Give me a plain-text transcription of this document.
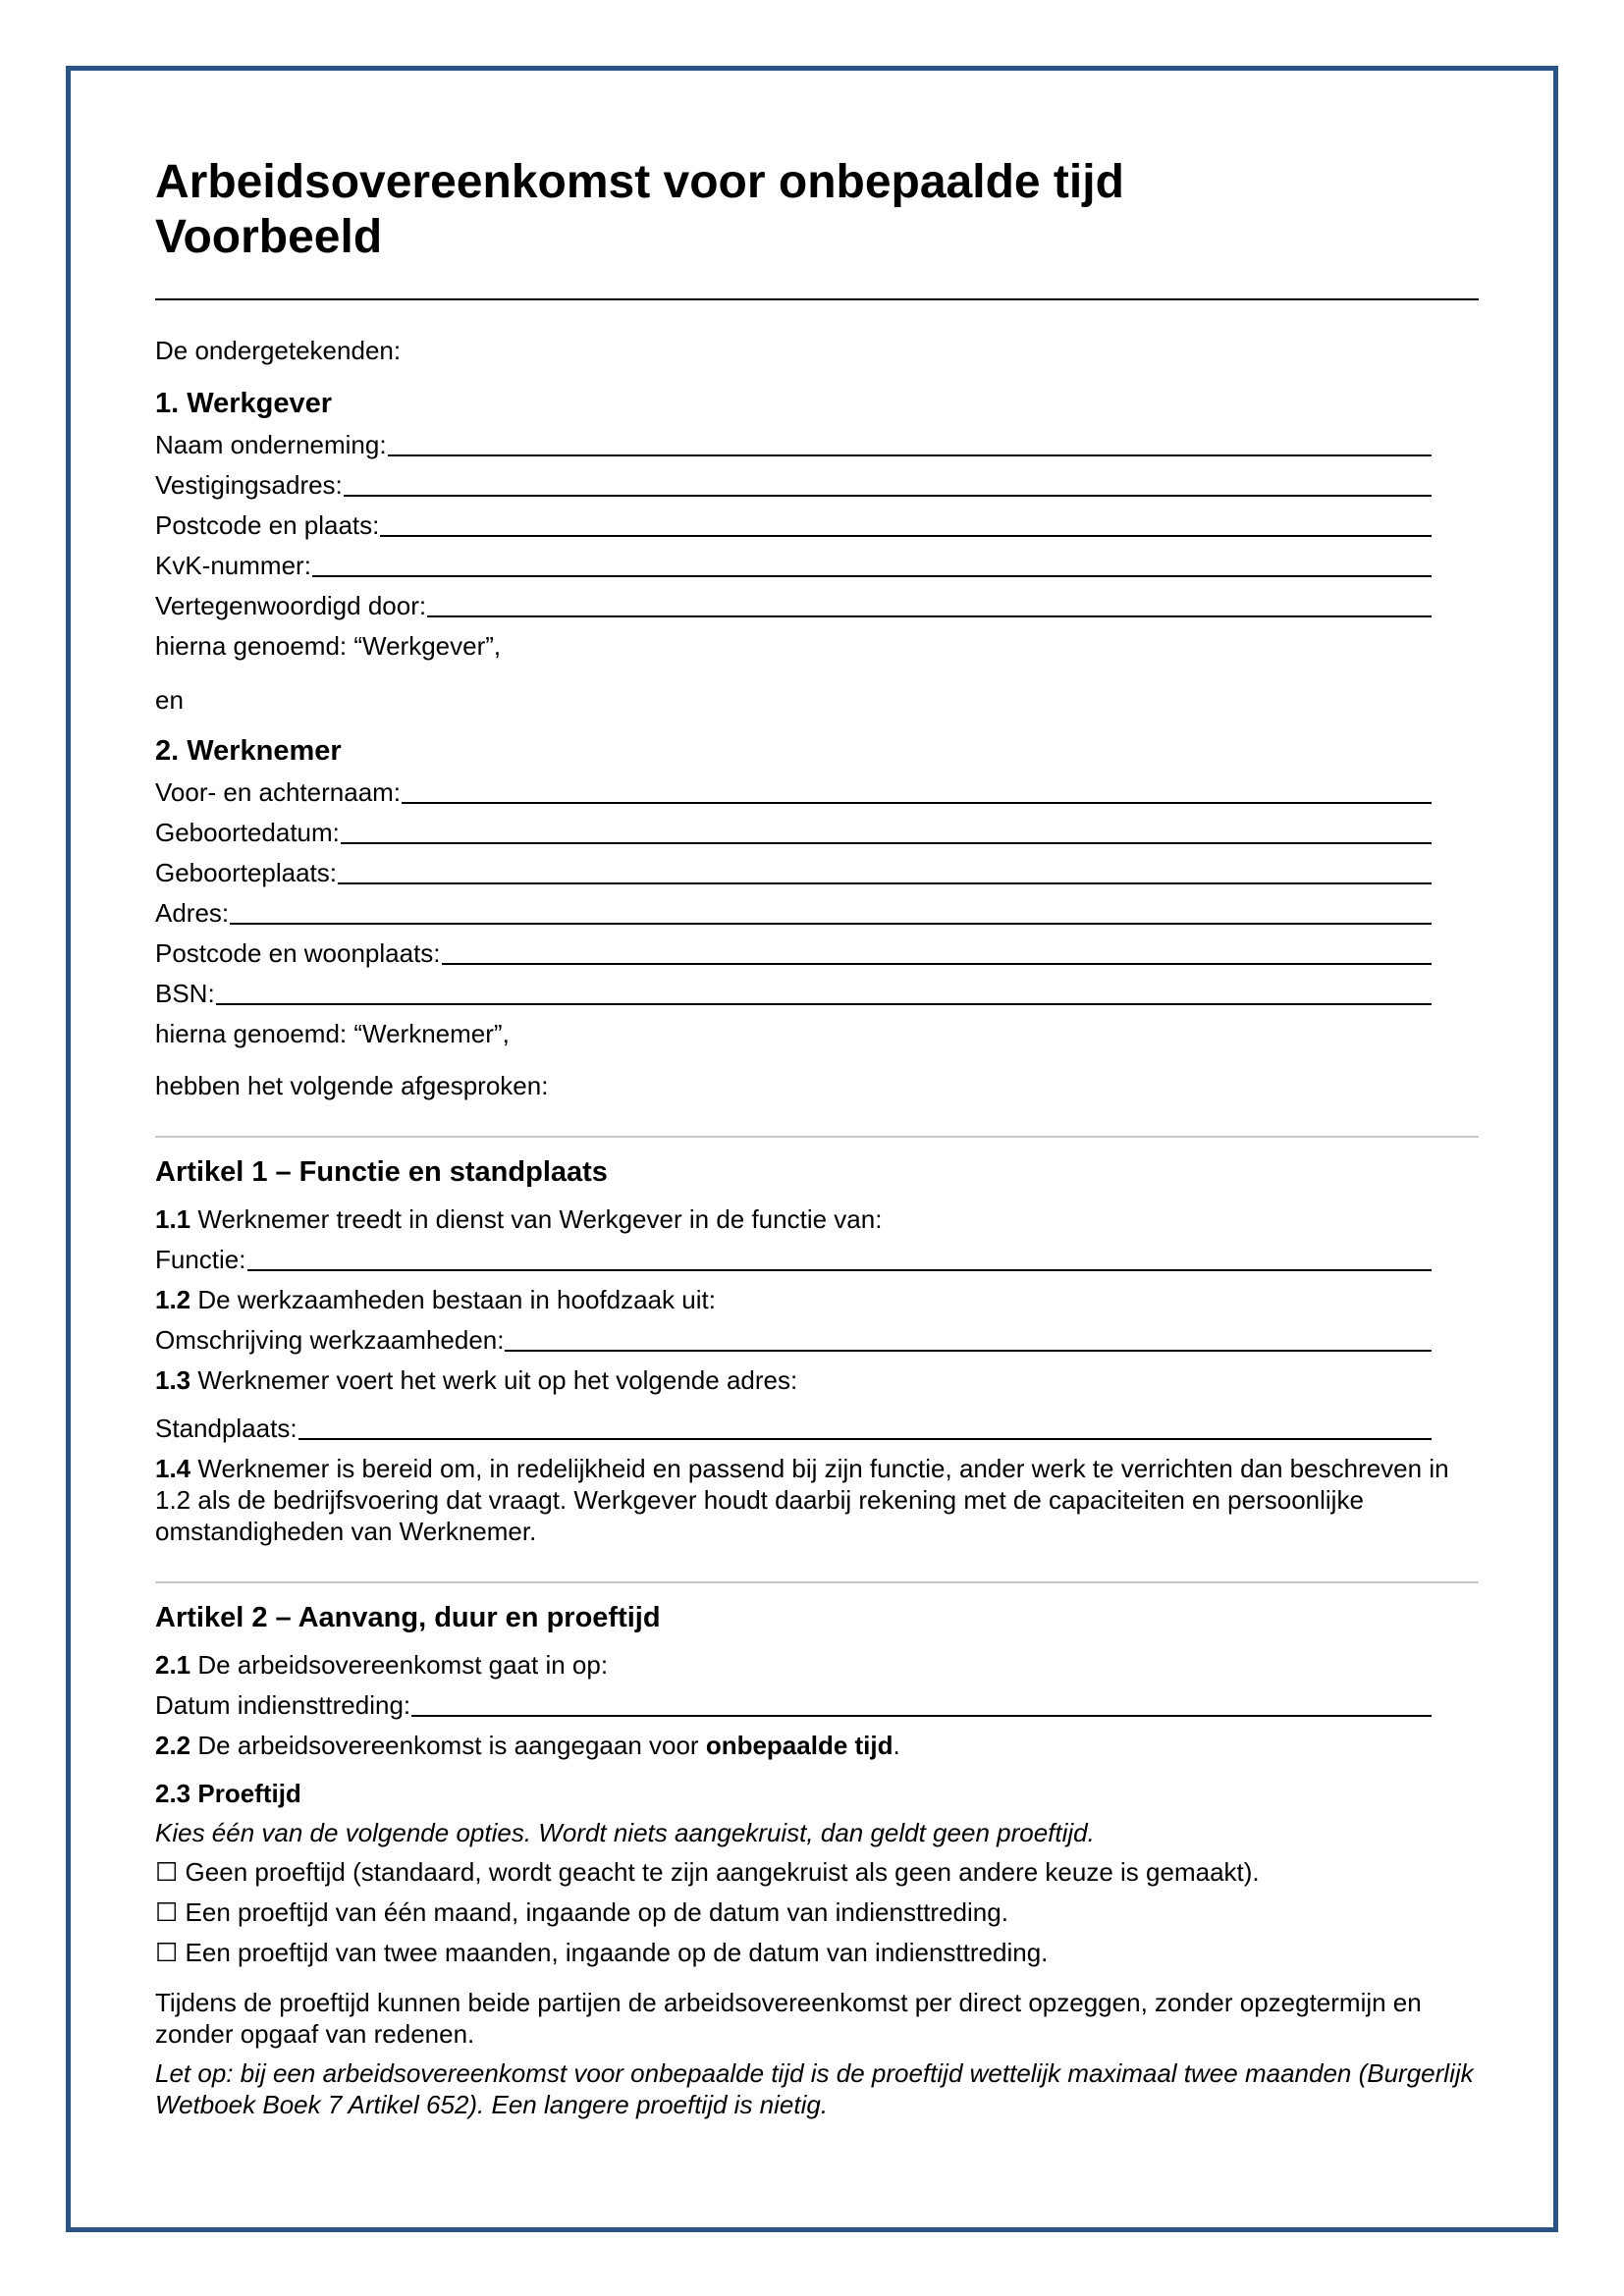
Arbeidsovereenkomst voor onbepaalde tijd
Voorbeeld

De ondergetekenden:

1. Werkgever
Naam onderneming:
Vestigingsadres:
Postcode en plaats:
KvK-nummer:
Vertegenwoordigd door:

hierna genoemd: “Werkgever”,

en

2. Werknemer
Voor- en achternaam:
Geboortedatum:
Geboorteplaats:
Adres:
Postcode en woonplaats:
BSN:

hierna genoemd: “Werknemer”,

hebben het volgende afgesproken:

Artikel 1 – Functie en standplaats

1.1 Werknemer treedt in dienst van Werkgever in de functie van:

Functie:

1.2 De werkzaamheden bestaan in hoofdzaak uit:

Omschrijving werkzaamheden:

1.3 Werknemer voert het werk uit op het volgende adres:

Standplaats:

1.4 Werknemer is bereid om, in redelijkheid en passend bij zijn functie, ander werk te verrichten dan beschreven in 1.2 als de bedrijfsvoering dat vraagt. Werkgever houdt daarbij rekening met de capaciteiten en persoonlijke omstandigheden van Werknemer.

Artikel 2 – Aanvang, duur en proeftijd

2.1 De arbeidsovereenkomst gaat in op:

Datum indiensttreding:

2.2 De arbeidsovereenkomst is aangegaan voor onbepaalde tijd.

2.3 Proeftijd

Kies één van de volgende opties. Wordt niets aangekruist, dan geldt geen proeftijd.

☐ Geen proeftijd (standaard, wordt geacht te zijn aangekruist als geen andere keuze is gemaakt).

☐ Een proeftijd van één maand, ingaande op de datum van indiensttreding.

☐ Een proeftijd van twee maanden, ingaande op de datum van indiensttreding.

Tijdens de proeftijd kunnen beide partijen de arbeidsovereenkomst per direct opzeggen, zonder opzegtermijn en zonder opgaaf van redenen.

Let op: bij een arbeidsovereenkomst voor onbepaalde tijd is de proeftijd wettelijk maximaal twee maanden (Burgerlijk Wetboek Boek 7 Artikel 652). Een langere proeftijd is nietig.
